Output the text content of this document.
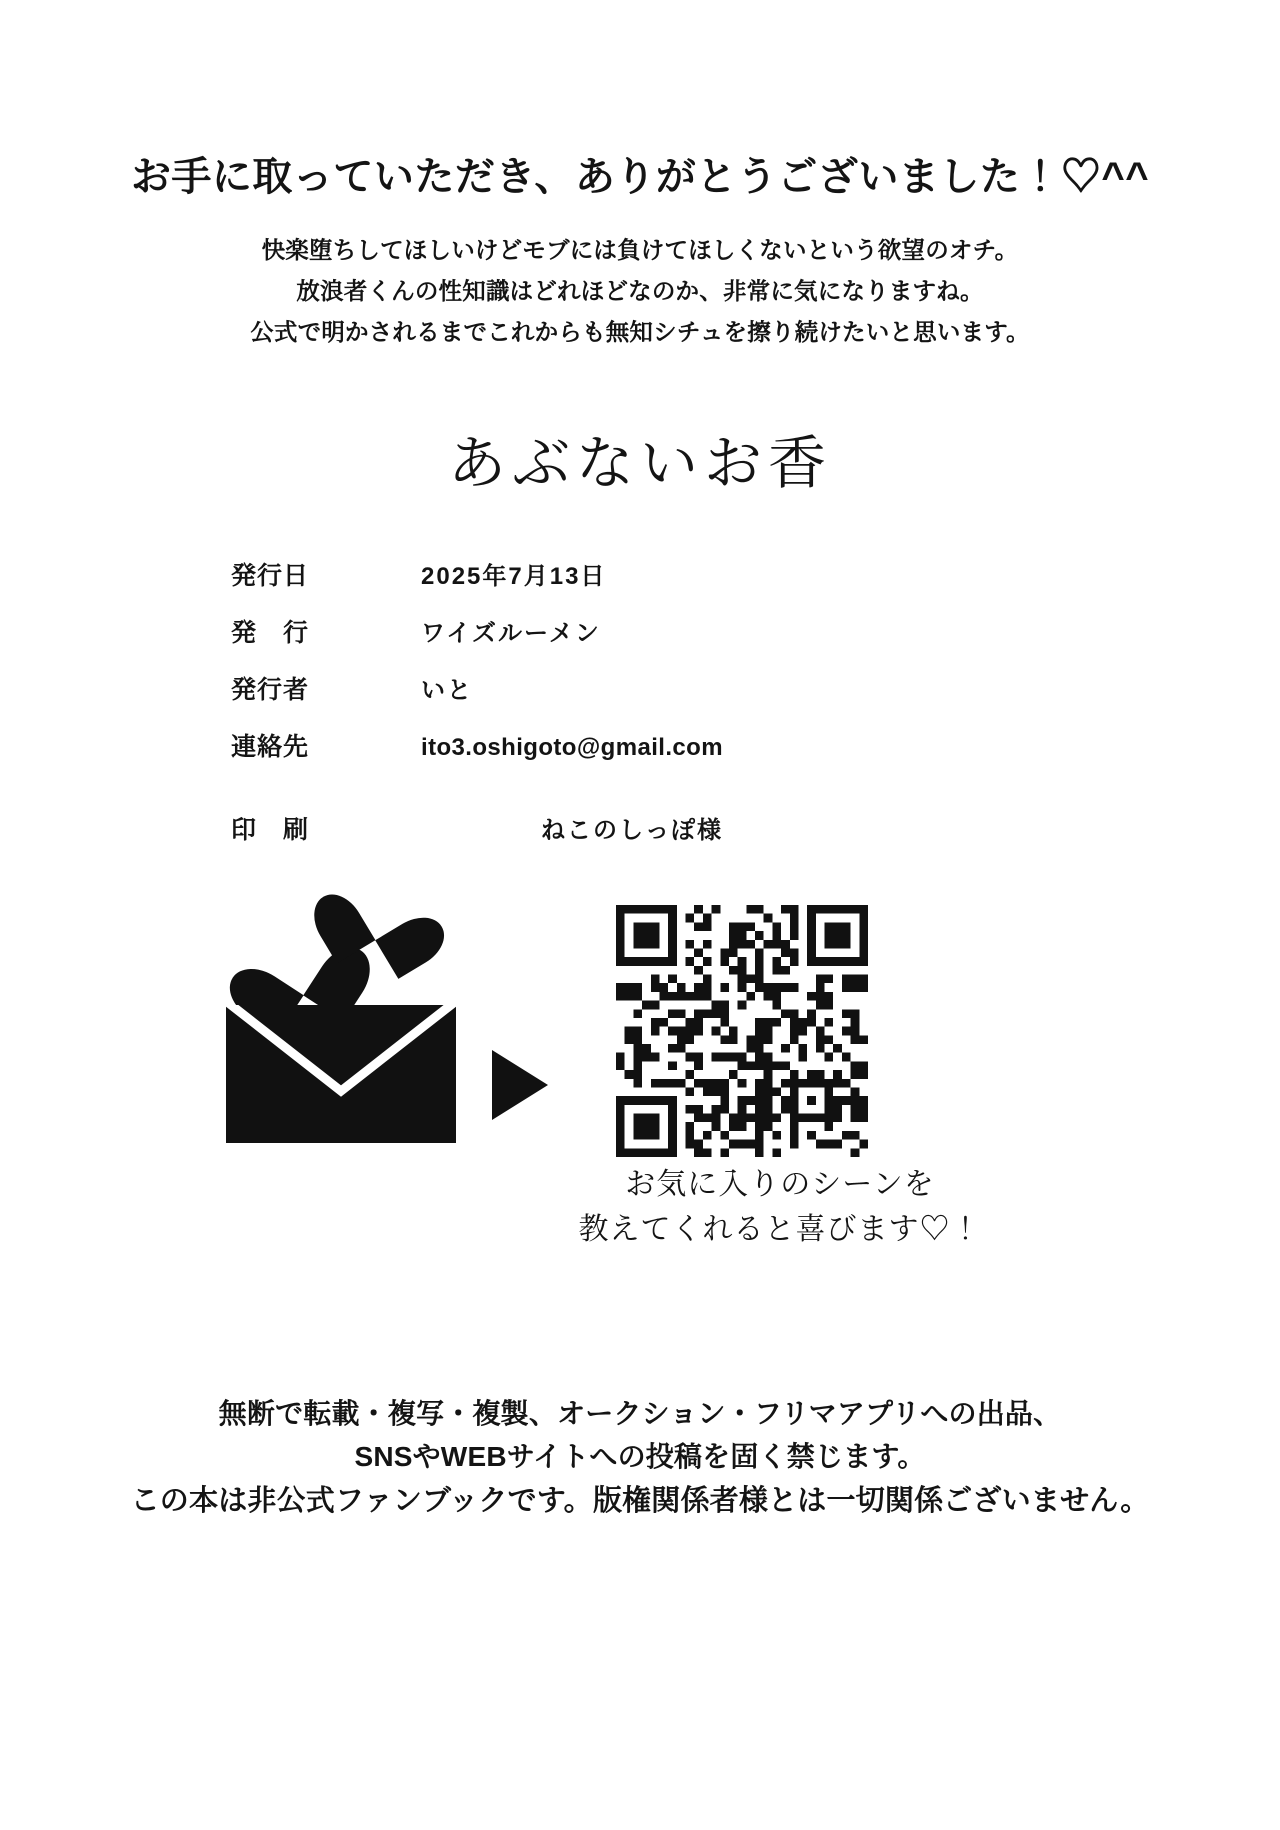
お手に取っていただき、ありがとうございました！♡^^
快楽堕ちしてほしいけどモブには負けてほしくないという欲望のオチ。
放浪者くんの性知識はどれほどなのか、非常に気になりますね。
公式で明かされるまでこれからも無知シチュを擦り続けたいと思います。
あぶないお香
発行日	2025年7月13日
発　行	ワイズルーメン
発行者	いと
連絡先	ito3.oshigoto@gmail.com
印　刷	ねこのしっぽ様
お気に入りのシーンを
教えてくれると喜びます♡！
無断で転載・複写・複製、オークション・フリマアプリへの出品、
SNSやWEBサイトへの投稿を固く禁じます。
この本は非公式ファンブックです。版権関係者様とは一切関係ございません。
